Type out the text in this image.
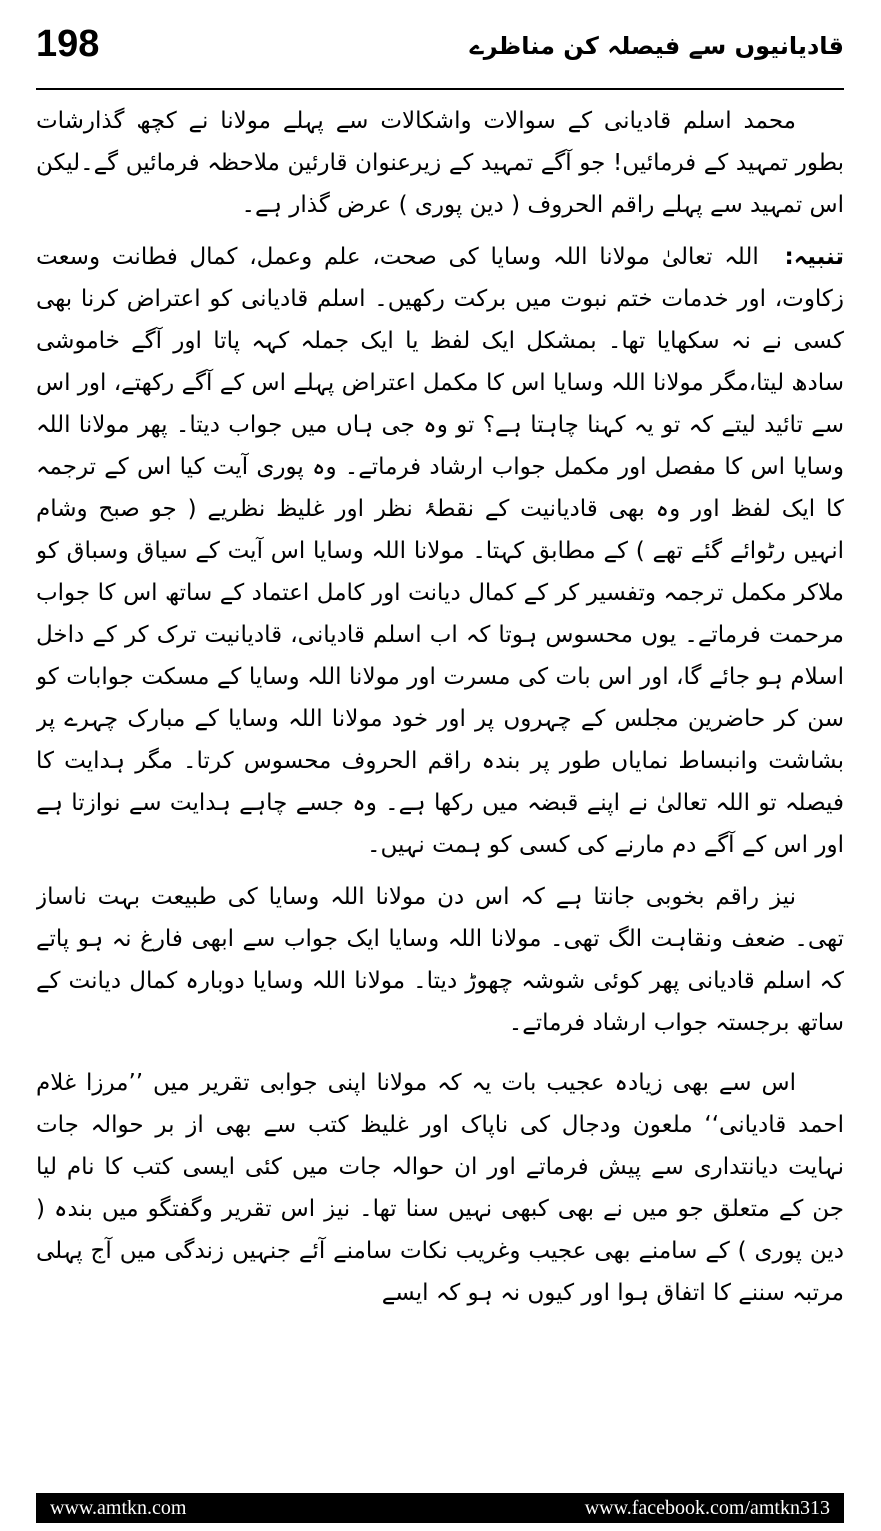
198	قادیانیوں سے فیصلہ کن مناظرے

محمد اسلم قادیانی کے سوالات واشکالات سے پہلے مولانا نے کچھ گذارشات بطور تمہید کے فرمائیں! جو آگے تمہید کے زیرعنوان قارئین ملاحظہ فرمائیں گے۔لیکن اس تمہید سے پہلے راقم الحروف ( دین پوری ) عرض گذار ہے۔

تنبیہ: اللہ تعالیٰ مولانا اللہ وسایا کی صحت، علم وعمل، کمال فطانت وسعت زکاوت، اور خدمات ختم نبوت میں برکت رکھیں۔ اسلم قادیانی کو اعتراض کرنا بھی کسی نے نہ سکھایا تھا۔ بمشکل ایک لفظ یا ایک جملہ کہہ پاتا اور آگے خاموشی سادھ لیتا،مگر مولانا اللہ وسایا اس کا مکمل اعتراض پہلے اس کے آگے رکھتے، اور اس سے تائید لیتے کہ تو یہ کہنا چاہتا ہے؟ تو وہ جی ہاں میں جواب دیتا۔ پھر مولانا اللہ وسایا اس کا مفصل اور مکمل جواب ارشاد فرماتے۔ وہ پوری آیت کیا اس کے ترجمہ کا ایک لفظ اور وہ بھی قادیانیت کے نقطۂ نظر اور غلیظ نظریے ( جو صبح وشام انہیں رٹوائے گئے تھے ) کے مطابق کہتا۔ مولانا اللہ وسایا اس آیت کے سیاق وسباق کو ملاکر مکمل ترجمہ وتفسیر کر کے کمال دیانت اور کامل اعتماد کے ساتھ اس کا جواب مرحمت فرماتے۔ یوں محسوس ہوتا کہ اب اسلم قادیانی، قادیانیت ترک کر کے داخل اسلام ہو جائے گا، اور اس بات کی مسرت اور مولانا اللہ وسایا کے مسکت جوابات کو سن کر حاضرین مجلس کے چہروں پر اور خود مولانا اللہ وسایا کے مبارک چہرے پر بشاشت وانبساط نمایاں طور پر بندہ راقم الحروف محسوس کرتا۔ مگر ہدایت کا فیصلہ تو اللہ تعالیٰ نے اپنے قبضہ میں رکھا ہے۔ وہ جسے چاہے ہدایت سے نوازتا ہے اور اس کے آگے دم مارنے کی کسی کو ہمت نہیں۔

نیز راقم بخوبی جانتا ہے کہ اس دن مولانا اللہ وسایا کی طبیعت بہت ناساز تھی۔ ضعف ونقاہت الگ تھی۔ مولانا اللہ وسایا ایک جواب سے ابھی فارغ نہ ہو پاتے کہ اسلم قادیانی پھر کوئی شوشہ چھوڑ دیتا۔ مولانا اللہ وسایا دوبارہ کمال دیانت کے ساتھ برجستہ جواب ارشاد فرماتے۔

اس سے بھی زیادہ عجیب بات یہ کہ مولانا اپنی جوابی تقریر میں ’’مرزا غلام احمد قادیانی‘‘ ملعون ودجال کی ناپاک اور غلیظ کتب سے بھی از بر حوالہ جات نہایت دیانتداری سے پیش فرماتے اور ان حوالہ جات میں کئی ایسی کتب کا نام لیا جن کے متعلق جو میں نے بھی کبھی نہیں سنا تھا۔ نیز اس تقریر وگفتگو میں بندہ ( دین پوری ) کے سامنے بھی عجیب وغریب نکات سامنے آئے جنہیں زندگی میں آج پہلی مرتبہ سننے کا اتفاق ہوا اور کیوں نہ ہو کہ ایسے

www.amtkn.com	www.facebook.com/amtkn313
